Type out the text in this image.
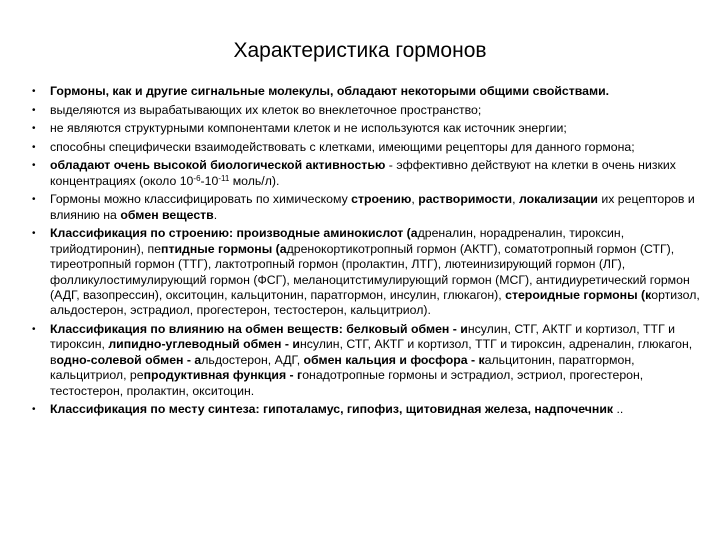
Характеристика гормонов
• Гормоны, как и другие сигнальные молекулы, обладают некоторыми общими свойствами.
• выделяются из вырабатывающих их клеток во внеклеточное пространство;
• не являются структурными компонентами клеток и не используются как источник энергии;
• способны специфически взаимодействовать с клетками, имеющими рецепторы для данного гормона;
• обладают очень высокой биологической активностью - эффективно действуют на клетки в очень низких концентрациях (около $10^{-6}-10^{-11}$ моль/л).
• Гормоны можно классифицировать по химическому строению, растворимости, локализации их рецепторов и влиянию на обмен веществ.
• Классификация по строению: производные аминокислот (адреналин, норадреналин, тироксин, трийодтиронин), пептидные гормоны (адренокортикотропный гормон (АКТГ), соматотропный гормон (СТГ), тиреотропный гормон (ТТГ), лактотропный гормон (пролактин, ЛТГ), лютеинизирующий гормон (ЛГ), фолликулостимулирующий гормон (ФСГ), меланоцитстимулирующий гормон (МСГ), антидиуретический гормон (АДГ, вазопрессин), окситоцин, кальцитонин, паратгормон, инсулин, глюкагон), стероидные гормоны (кортизол, альдостерон, эстрадиол, прогестерон, тестостерон, кальцитриол).
• Классификация по влиянию на обмен веществ: белковый обмен - инсулин, СТГ, АКТГ и кортизол, ТТГ и тироксин, липидно-углеводный обмен - инсулин, СТГ, АКТГ и кортизол, ТТГ и тироксин, адреналин, глюкагон, водно-солевой обмен - альдостерон, АДГ, обмен кальция и фосфора - кальцитонин, паратгормон, кальцитриол, репродуктивная функция - гонадотропные гормоны и эстрадиол, эстриол, прогестерон, тестостерон, пролактин, окситоцин.
• Классификация по месту синтеза: гипоталамус, гипофиз, щитовидная железа, надпочечник ..
